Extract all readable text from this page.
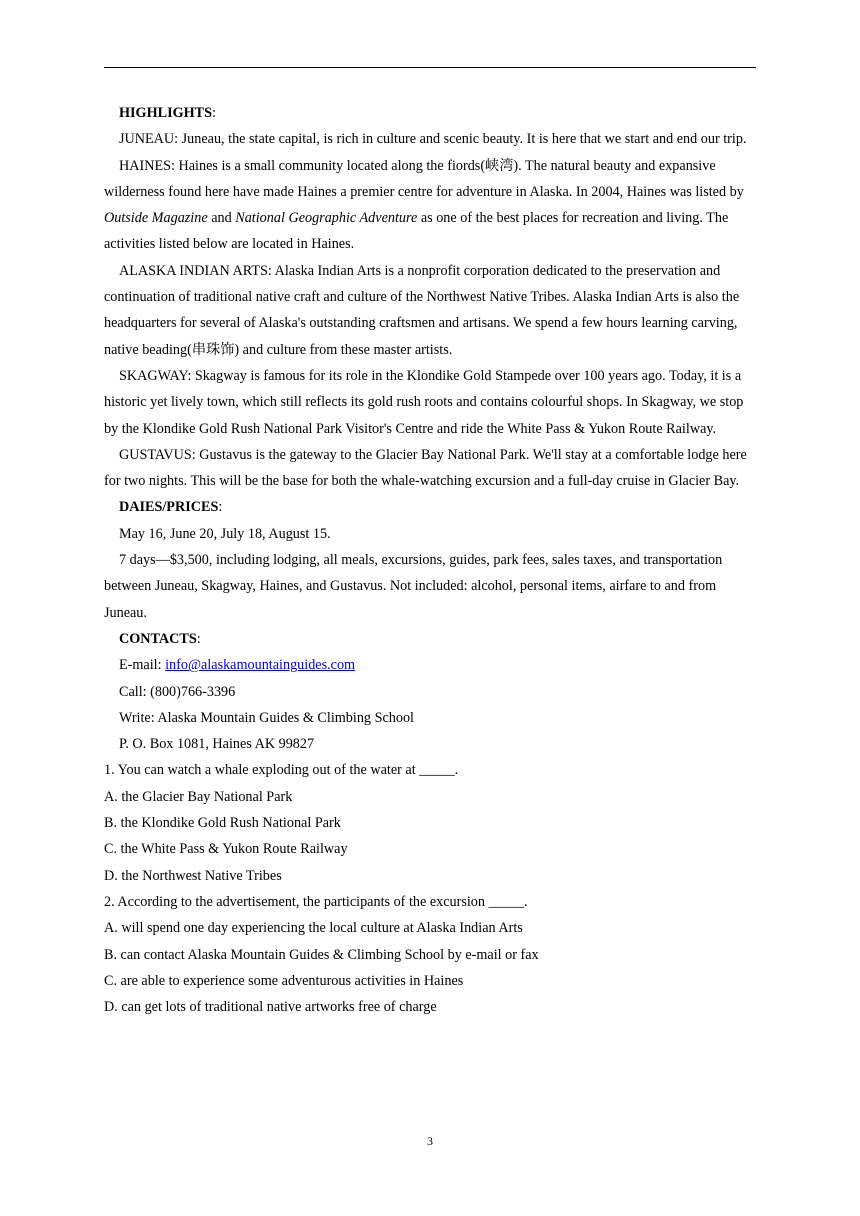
HIGHLIGHTS:

JUNEAU: Juneau, the state capital, is rich in culture and scenic beauty. It is here that we start and end our trip.

HAINES: Haines is a small community located along the fiords(峡湾). The natural beauty and expansive wilderness found here have made Haines a premier centre for adventure in Alaska. In 2004, Haines was listed by Outside Magazine and National Geographic Adventure as one of the best places for recreation and living. The activities listed below are located in Haines.

ALASKA INDIAN ARTS: Alaska Indian Arts is a nonprofit corporation dedicated to the preservation and continuation of traditional native craft and culture of the Northwest Native Tribes. Alaska Indian Arts is also the headquarters for several of Alaska's outstanding craftsmen and artisans. We spend a few hours learning carving, native beading(串珠饰) and culture from these master artists.

SKAGWAY: Skagway is famous for its role in the Klondike Gold Stampede over 100 years ago. Today, it is a historic yet lively town, which still reflects its gold rush roots and contains colourful shops. In Skagway, we stop by the Klondike Gold Rush National Park Visitor's Centre and ride the White Pass & Yukon Route Railway.

GUSTAVUS: Gustavus is the gateway to the Glacier Bay National Park. We'll stay at a comfortable lodge here for two nights. This will be the base for both the whale-watching excursion and a full-day cruise in Glacier Bay.

DAIES/PRICES:

May 16, June 20, July 18, August 15.

7 days—$3,500, including lodging, all meals, excursions, guides, park fees, sales taxes, and transportation between Juneau, Skagway, Haines, and Gustavus. Not included: alcohol, personal items, airfare to and from Juneau.

CONTACTS:

E-mail: info@alaskamountainguides.com

Call: (800)766-3396

Write: Alaska Mountain Guides & Climbing School

P. O. Box 1081, Haines AK 99827

1. You can watch a whale exploding out of the water at _____.

A. the Glacier Bay National Park

B. the Klondike Gold Rush National Park

C. the White Pass & Yukon Route Railway

D. the Northwest Native Tribes

2. According to the advertisement, the participants of the excursion _____.

A. will spend one day experiencing the local culture at Alaska Indian Arts

B. can contact Alaska Mountain Guides & Climbing School by e-mail or fax

C. are able to experience some adventurous activities in Haines

D. can get lots of traditional native artworks free of charge

3
